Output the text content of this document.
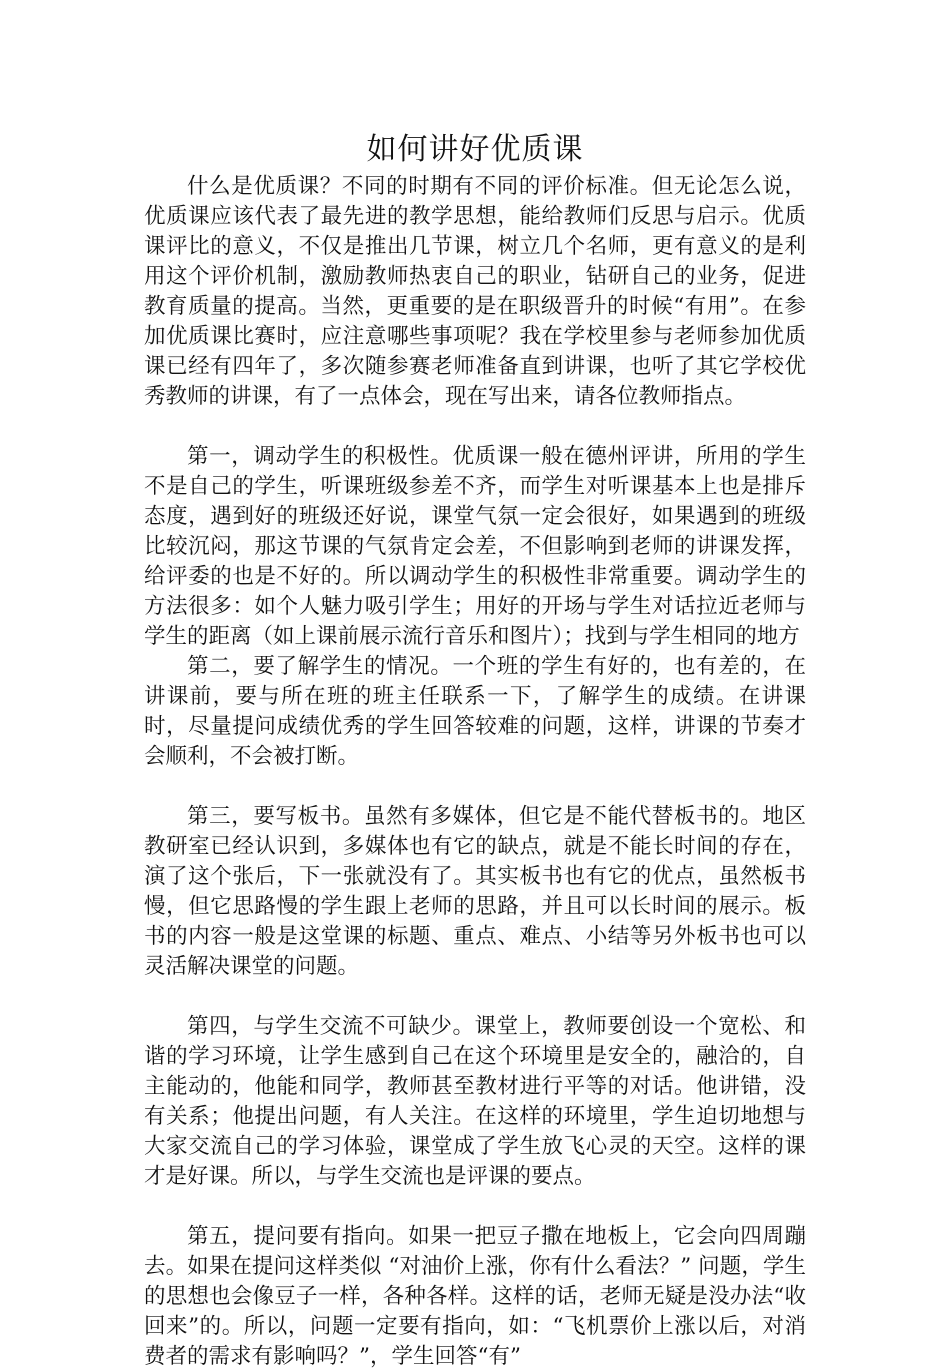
如何讲好优质课

什么是优质课？不同的时期有不同的评价标准。但无论怎么说，优质课应该代表了最先进的教学思想，能给教师们反思与启示。优质课评比的意义，不仅是推出几节课，树立几个名师，更有意义的是利用这个评价机制，激励教师热衷自己的职业，钻研自己的业务，促进教育质量的提高。当然，更重要的是在职级晋升的时候“有用”。在参加优质课比赛时，应注意哪些事项呢？我在学校里参与老师参加优质课已经有四年了，多次随参赛老师准备直到讲课，也听了其它学校优秀教师的讲课，有了一点体会，现在写出来，请各位教师指点。

第一，调动学生的积极性。优质课一般在德州评讲，所用的学生不是自己的学生，听课班级参差不齐，而学生对听课基本上也是排斥态度，遇到好的班级还好说，课堂气氛一定会很好，如果遇到的班级比较沉闷，那这节课的气氛肯定会差，不但影响到老师的讲课发挥，给评委的也是不好的。所以调动学生的积极性非常重要。调动学生的方法很多：如个人魅力吸引学生；用好的开场与学生对话拉近老师与学生的距离（如上课前展示流行音乐和图片）；找到与学生相同的地方

第二，要了解学生的情况。一个班的学生有好的，也有差的，在讲课前，要与所在班的班主任联系一下，了解学生的成绩。在讲课时，尽量提问成绩优秀的学生回答较难的问题，这样，讲课的节奏才会顺利，不会被打断。

第三，要写板书。虽然有多媒体，但它是不能代替板书的。地区教研室已经认识到，多媒体也有它的缺点，就是不能长时间的存在，演了这个张后，下一张就没有了。其实板书也有它的优点，虽然板书慢，但它思路慢的学生跟上老师的思路，并且可以长时间的展示。板书的内容一般是这堂课的标题、重点、难点、小结等另外板书也可以灵活解决课堂的问题。

第四，与学生交流不可缺少。课堂上，教师要创设一个宽松、和谐的学习环境，让学生感到自己在这个环境里是安全的，融洽的，自主能动的，他能和同学，教师甚至教材进行平等的对话。他讲错，没有关系；他提出问题，有人关注。在这样的环境里，学生迫切地想与大家交流自己的学习体验，课堂成了学生放飞心灵的天空。这样的课才是好课。所以，与学生交流也是评课的要点。

第五，提问要有指向。如果一把豆子撒在地板上，它会向四周蹦去。如果在提问这样类似 “对油价上涨，你有什么看法？” 问题，学生的思想也会像豆子一样，各种各样。这样的话，老师无疑是没办法“收回来”的。所以，问题一定要有指向，如：“飞机票价上涨以后，对消费者的需求有影响吗？”，学生回答“有”
